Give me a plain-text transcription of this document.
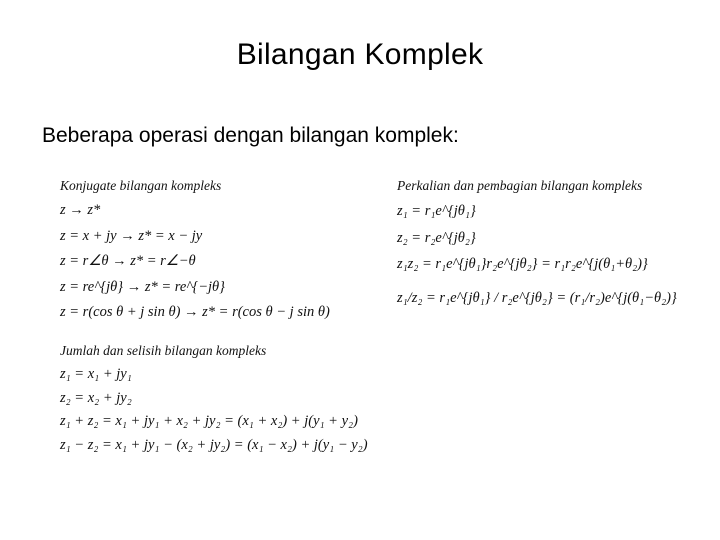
Bilangan Komplek
Beberapa operasi dengan bilangan komplek:
Konjugate bilangan kompleks
z → z*
z = x + jy → z* = x − jy
z = r∠θ → z* = r∠−θ
z = re^{jθ} → z* = re^{−jθ}
z = r(cos θ + j sin θ) → z* = r(cos θ − j sin θ)
Perkalian dan pembagian bilangan kompleks
z₁ = r₁e^{jθ₁}
z₂ = r₂e^{jθ₂}
z₁z₂ = r₁e^{jθ₁}r₂e^{jθ₂} = r₁r₂e^{j(θ₁+θ₂)}
z₁/z₂ = r₁e^{jθ₁} / r₂e^{jθ₂} = (r₁/r₂)e^{j(θ₁−θ₂)}
Jumlah dan selisih bilangan kompleks
z₁ = x₁ + jy₁
z₂ = x₂ + jy₂
z₁ + z₂ = x₁ + jy₁ + x₂ + jy₂ = (x₁ + x₂) + j(y₁ + y₂)
z₁ − z₂ = x₁ + jy₁ − (x₂ + jy₂) = (x₁ − x₂) + j(y₁ − y₂)
